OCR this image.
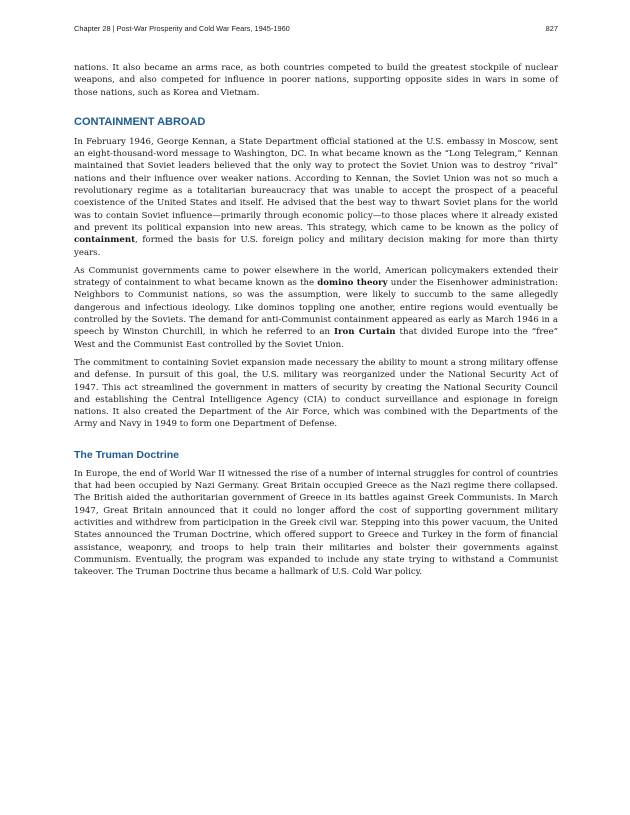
Chapter 28 | Post-War Prosperity and Cold War Fears, 1945-1960	827

nations. It also became an arms race, as both countries competed to build the greatest stockpile of nuclear weapons, and also competed for influence in poorer nations, supporting opposite sides in wars in some of those nations, such as Korea and Vietnam.

CONTAINMENT ABROAD

In February 1946, George Kennan, a State Department official stationed at the U.S. embassy in Moscow, sent an eight-thousand-word message to Washington, DC. In what became known as the “Long Telegram,” Kennan maintained that Soviet leaders believed that the only way to protect the Soviet Union was to destroy “rival” nations and their influence over weaker nations. According to Kennan, the Soviet Union was not so much a revolutionary regime as a totalitarian bureaucracy that was unable to accept the prospect of a peaceful coexistence of the United States and itself. He advised that the best way to thwart Soviet plans for the world was to contain Soviet influence—primarily through economic policy—to those places where it already existed and prevent its political expansion into new areas. This strategy, which came to be known as the policy of containment, formed the basis for U.S. foreign policy and military decision making for more than thirty years.

As Communist governments came to power elsewhere in the world, American policymakers extended their strategy of containment to what became known as the domino theory under the Eisenhower administration: Neighbors to Communist nations, so was the assumption, were likely to succumb to the same allegedly dangerous and infectious ideology. Like dominos toppling one another, entire regions would eventually be controlled by the Soviets. The demand for anti-Communist containment appeared as early as March 1946 in a speech by Winston Churchill, in which he referred to an Iron Curtain that divided Europe into the “free” West and the Communist East controlled by the Soviet Union.

The commitment to containing Soviet expansion made necessary the ability to mount a strong military offense and defense. In pursuit of this goal, the U.S. military was reorganized under the National Security Act of 1947. This act streamlined the government in matters of security by creating the National Security Council and establishing the Central Intelligence Agency (CIA) to conduct surveillance and espionage in foreign nations. It also created the Department of the Air Force, which was combined with the Departments of the Army and Navy in 1949 to form one Department of Defense.

The Truman Doctrine

In Europe, the end of World War II witnessed the rise of a number of internal struggles for control of countries that had been occupied by Nazi Germany. Great Britain occupied Greece as the Nazi regime there collapsed. The British aided the authoritarian government of Greece in its battles against Greek Communists. In March 1947, Great Britain announced that it could no longer afford the cost of supporting government military activities and withdrew from participation in the Greek civil war. Stepping into this power vacuum, the United States announced the Truman Doctrine, which offered support to Greece and Turkey in the form of financial assistance, weaponry, and troops to help train their militaries and bolster their governments against Communism. Eventually, the program was expanded to include any state trying to withstand a Communist takeover. The Truman Doctrine thus became a hallmark of U.S. Cold War policy.
